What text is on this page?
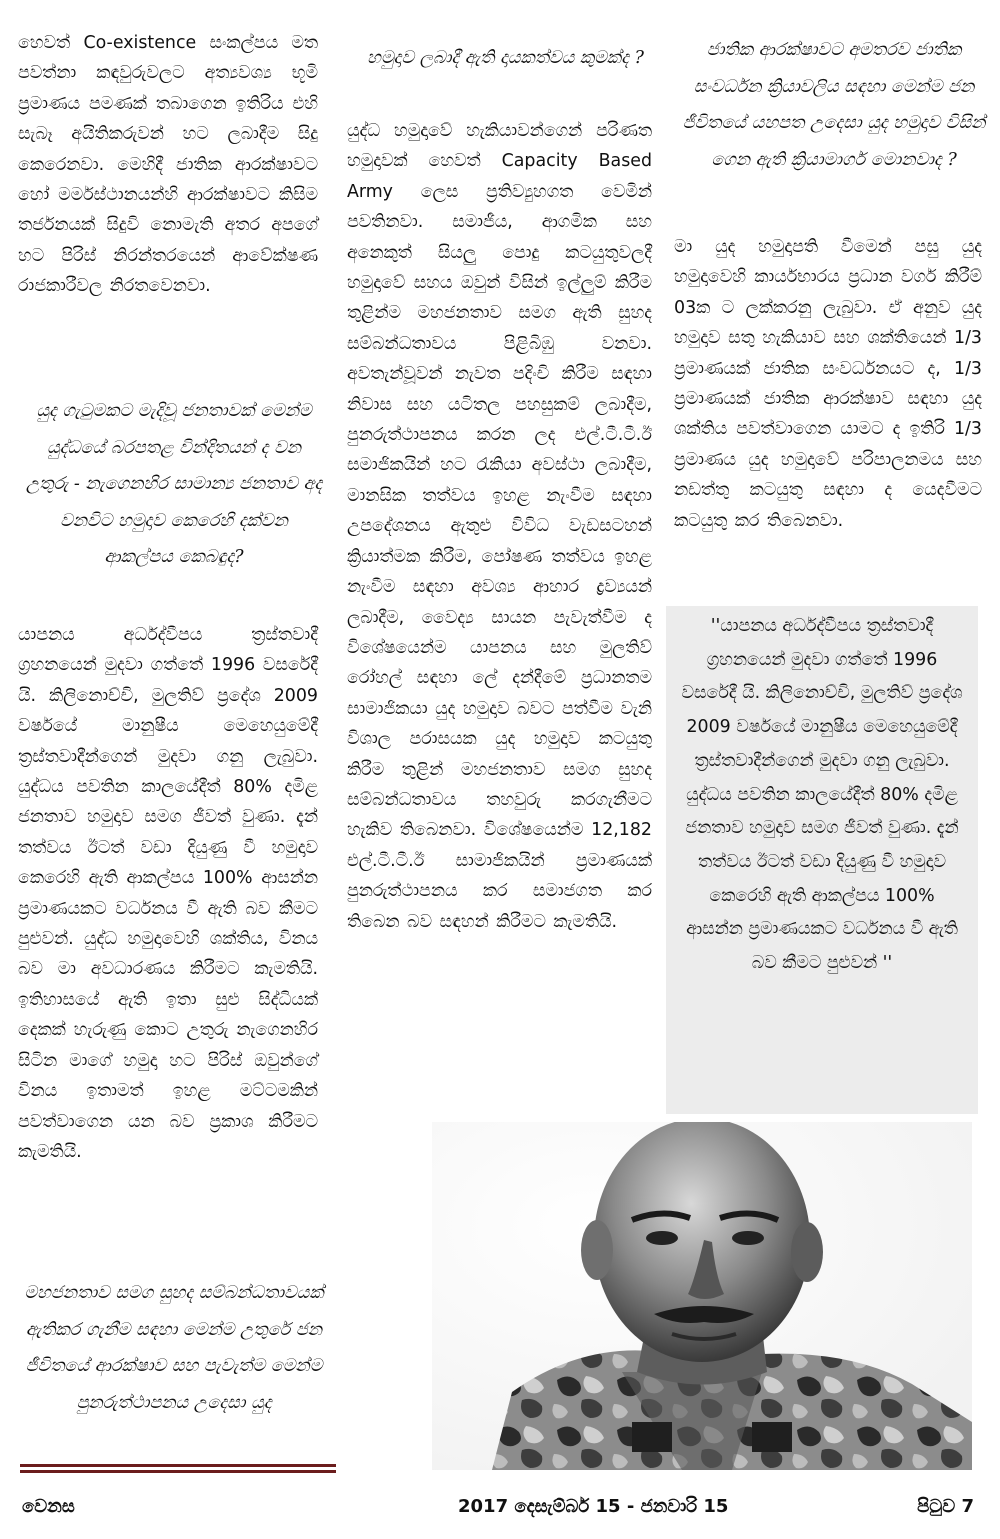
හෙවත් Co-existence සංකල්පය මත පවත්නා කඳවුරුවලට අත්‍යවශ්‍ය භූමි ප්‍රමාණය පමණක් තබාගෙන ඉතිරිය එහි සැබෑ අයිතිකරුවන් හට ලබාදීම සිදු කෙරෙනවා. මෙහිදී ජාතික ආරක්ෂාවට හෝ මර්මස්ථානයන්හි ආරක්ෂාවට කිසිම තර්ජනයක් සිදුවි නොමැති අතර අපගේ හට පිරිස් නිරන්තරයෙන් ආවේක්ෂණ රාජකාරීවල නිරතවෙනවා.

යුද ගැටුමකට මැදිවූ ජනතාවක් මෙන්ම යුද්ධයේ බරපතළ වින්දිතයන් ද වන උතුරු - නැගෙනහිර සාමාන්‍ය ජනතාව අද වනවිට හමුදාව කෙරෙහි දක්වන ආකල්පය කෙබඳුද?

යාපනය අර්ධද්වීපය ත්‍රස්තවාදී ග්‍රහනයෙන් මුදවා ගත්තේ 1996 වසරේදී යි. කිලිනොච්චි, මුලතිව් ප්‍රදේශ 2009 වර්ෂයේ මානුෂීය මෙහෙයුමේදී ත්‍රස්තවාදීන්ගෙන් මුදවා ගනු ලැබුවා. යුද්ධය පවතින කාලයේදීත් 80% දමිළ ජනතාව හමුදාව සමග ජීවත් වුණා. දැන් තත්වය ඊටත් වඩා දියුණු වී හමුදාව කෙරෙහි ඇති ආකල්පය 100% ආසන්න ප්‍රමාණයකට වර්ධනය වී ඇති බව කීමට පුළුවන්. යුද්ධ හමුදාවෙහි ශක්තිය, විනය බව මා අවධාරණය කිරීමට කැමතියි. ඉතිහාසයේ ඇති ඉතා සුළු සිද්ධියක් දෙකක් හැරුණු කොට උතුරු නැගෙනහිර සිටින මාගේ හමුදා හට පිරිස් ඔවුන්ගේ විනය ඉතාමත් ඉහළ මට්ටමකින් පවත්වාගෙන යන බව ප්‍රකාශ කිරීමට කැමතියි.

මහජනතාව සමග සුහද සම්බන්ධතාවයක් ඇතිකර ගැනීම සඳහා මෙන්ම උතුරේ ජන ජීවිතයේ ආරක්ෂාව සහ පැවැත්ම මෙන්ම පුනරුත්ථාපනය උදෙසා යුද

හමුදාව ලබාදී ඇති දායකත්වය කුමක්ද ?

යුද්ධ හමුදාවේ හැකියාවන්ගෙන් පරිණත හමුදාවක් හෙවත් Capacity Based Army ලෙස ප්‍රතිව්‍යුහගත වෙමින් පවතිනවා. සමාජීය, ආගමික සහ අනෙකුත් සියලු පොදු කටයුතුවලදී හමුදාවේ සහය ඔවුන් විසින් ඉල්ලුම් කිරීම තුළින්ම මහජනතාව සමග ඇති සුහද සම්බන්ධතාවය පිළිබිඹු වනවා. අවතැන්වූවන් නැවත පදිංචි කිරීම සඳහා නිවාස සහ යටිතල පහසුකම් ලබාදීම, පුනරුත්ථාපනය කරන ලද එල්.ටී.ටී.ඊ සමාජිකයින් හට රැකියා අවස්ථා ලබාදීම, මානසික තත්වය ඉහළ නැංවීම සඳහා උපදේශනය ඇතුළු විවිධ වැඩසටහන් ක්‍රියාත්මක කිරීම, පෝෂණ තත්වය ඉහළ නැංවීම සඳහා අවශ්‍ය ආහාර ද්‍රව්‍යයන් ලබාදීම, වෛද්‍ය සායන පැවැත්වීම ද විශේෂයෙන්ම යාපනය සහ මුලතිව් රෝහල් සඳහා ලේ දන්දීමේ ප්‍රධානතම සාමාජිකයා යුද හමුදාව බවට පත්වීම වැනි විශාල පරාසයක යුද හමුදාව කටයුතු කිරීම තුළින් මහජනතාව සමග සුහද සම්බන්ධතාවය තහවුරු කරගැනීමට හැකිව තිබෙනවා. විශේෂයෙන්ම 12,182 එල්.ටී.ටී.ඊ සාමාජිකයින් ප්‍රමාණයක් පුනරුත්ථාපනය කර සමාජගත කර තිබෙන බව සඳහන් කිරීමට කැමතියි.

ජාතික ආරක්ෂාවට අමතරව ජාතික සංවර්ධන ක්‍රියාවලිය සඳහා මෙන්ම ජන ජීවිතයේ යහපත උදෙසා යුද හමුදාව විසින් ගෙන ඇති ක්‍රියාමාර්ග මොනවාද ?

මා යුද හමුදාපති වීමෙන් පසු යුද හමුදාවෙහි කාර්යභාරය ප්‍රධාන වර්ග කිරීම් 03ක ට ලක්කරනු ලැබුවා. ඒ අනුව යුද හමුදාව සතු හැකියාව සහ ශක්තියෙන් 1/3 ප්‍රමාණයක් ජාතික සංවර්ධනයට ද, 1/3 ප්‍රමාණයක් ජාතික ආරක්ෂාව සඳහා යුද ශක්තිය පවත්වාගෙන යාමට ද ඉතිරි 1/3 ප්‍රමාණය යුද හමුදාවේ පරිපාලනමය සහ නඩත්තු කටයුතු සඳහා ද යෙදවීමට කටයුතු කර තිබෙනවා.

''යාපනය අර්ධද්වීපය ත්‍රස්තවාදී ග්‍රහනයෙන් මුදවා ගත්තේ 1996 වසරේදී යි. කිලිනොච්චි, මුලතිව් ප්‍රදේශ 2009 වර්ෂයේ මානුෂීය මෙහෙයුමේදී ත්‍රස්තවාදීන්ගෙන් මුදවා ගනු ලැබුවා. යුද්ධය පවතින කාලයේදීත් 80% දමිළ ජනතාව හමුදාව සමග ජීවත් වුණා. දැන් තත්වය ඊටත් වඩා දියුණු වී හමුදාව කෙරෙහි ඇති ආකල්පය 100% ආසන්න ප්‍රමාණයකට වර්ධනය වී ඇති බව කීමට පුළුවන් ''

වෙනස	2017 දෙසැම්බර් 15 - ජනවාරි 15	පිටුව 7
